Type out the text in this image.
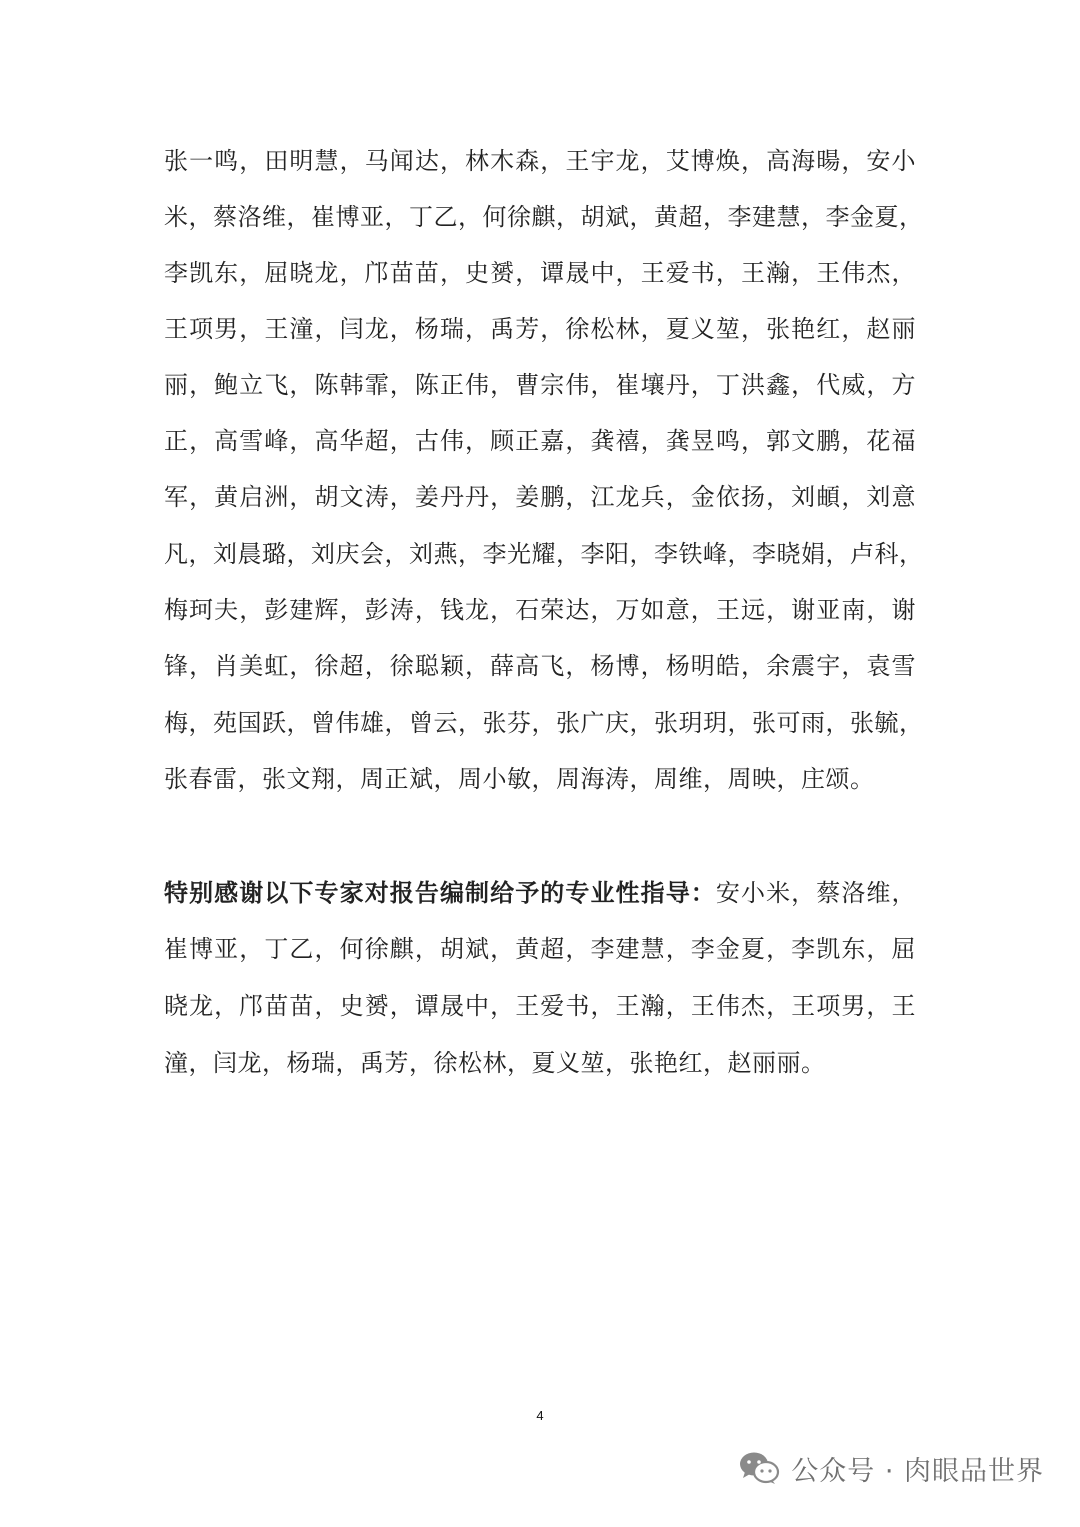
张一鸣，田明慧，马闻达，林木森，王宇龙，艾博焕，高海暘，安小
米，蔡洛维，崔博亚，丁乙，何徐麒，胡斌，黄超，李建慧，李金夏，
李凯东，屈晓龙，邝苗苗，史赟，谭晟中，王爱书，王瀚，王伟杰，
王项男，王潼，闫龙，杨瑞，禹芳，徐松林，夏义堃，张艳红，赵丽
丽，鲍立飞，陈韩霏，陈正伟，曹宗伟，崔壤丹，丁洪鑫，代威，方
正，高雪峰，高华超，古伟，顾正嘉，龚禧，龚昱鸣，郭文鹏，花福
军，黄启洲，胡文涛，姜丹丹，姜鹏，江龙兵，金依扬，刘頔，刘意
凡，刘晨璐，刘庆会，刘燕，李光耀，李阳，李铁峰，李晓娟，卢科，
梅珂夫，彭建辉，彭涛，钱龙，石荣达，万如意，王远，谢亚南，谢
锋，肖美虹，徐超，徐聪颖，薛高飞，杨博，杨明皓，余震宇，袁雪
梅，苑国跃，曾伟雄，曾云，张芬，张广庆，张玥玥，张可雨，张毓，
张春雷，张文翔，周正斌，周小敏，周海涛，周维，周映，庄颂。
特别感谢以下专家对报告编制给予的专业性指导：安小米，蔡洛维，
崔博亚，丁乙，何徐麒，胡斌，黄超，李建慧，李金夏，李凯东，屈
晓龙，邝苗苗，史赟，谭晟中，王爱书，王瀚，王伟杰，王项男，王
潼，闫龙，杨瑞，禹芳，徐松林，夏义堃，张艳红，赵丽丽。
4
公众号 · 肉眼品世界
